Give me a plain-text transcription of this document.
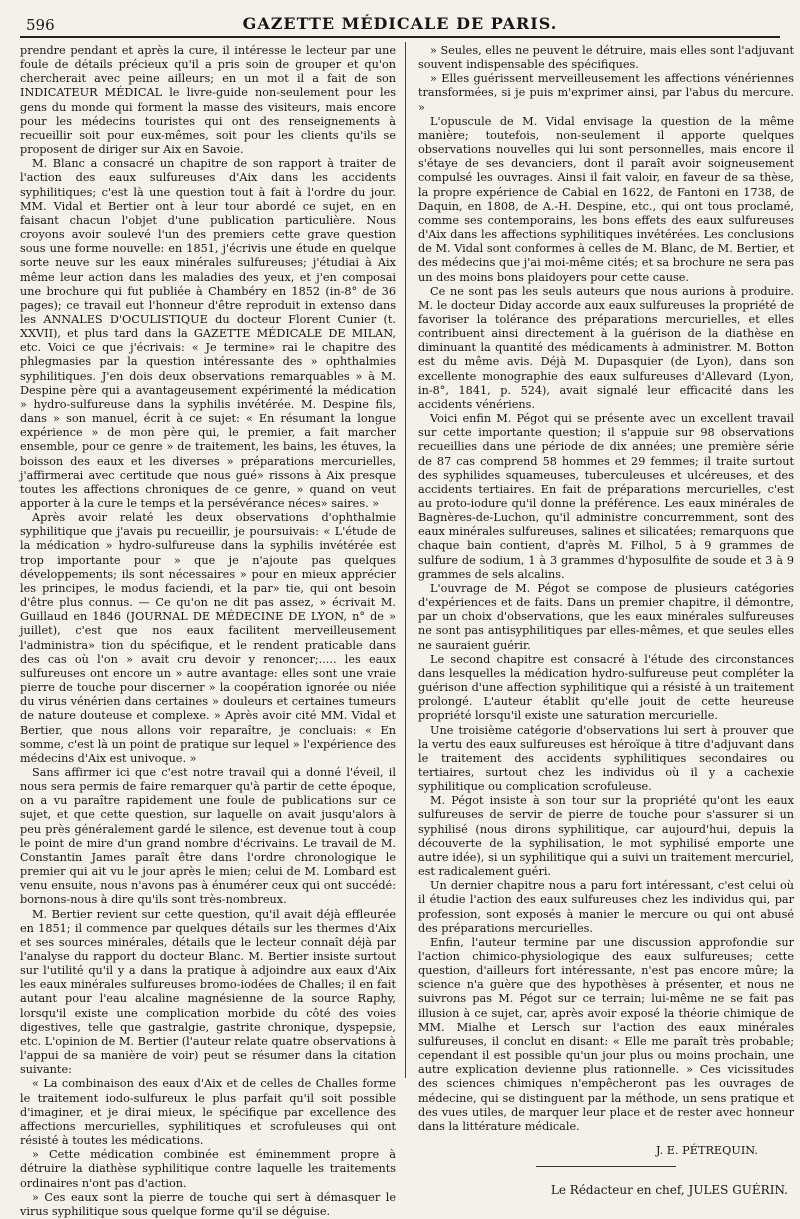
596	GAZETTE MÉDICALE DE PARIS.

prendre pendant et après la cure, il intéresse le lecteur par une foule de détails précieux qu'il a pris soin de grouper et qu'on chercherait avec peine ailleurs; en un mot il a fait de son INDICATEUR MÉDICAL le livre-guide non-seulement pour les gens du monde qui forment la masse des visiteurs, mais encore pour les médecins touristes qui ont des renseignements à recueillir soit pour eux-mêmes, soit pour les clients qu'ils se proposent de diriger sur Aix en Savoie.

M. Blanc a consacré un chapitre de son rapport à traiter de l'action des eaux sulfureuses d'Aix dans les accidents syphilitiques; c'est là une question tout à fait à l'ordre du jour. MM. Vidal et Bertier ont à leur tour abordé ce sujet, en en faisant chacun l'objet d'une publication particulière. Nous croyons avoir soulevé l'un des premiers cette grave question sous une forme nouvelle: en 1851, j'écrivis une étude en quelque sorte neuve sur les eaux minérales sulfureuses; j'étudiai à Aix même leur action dans les maladies des yeux, et j'en composai une brochure qui fut publiée à Chambéry en 1852 (in-8° de 36 pages); ce travail eut l'honneur d'être reproduit in extenso dans les ANNALES D'OCULISTIQUE du docteur Florent Cunier (t. XXVII), et plus tard dans la GAZETTE MÉDICALE DE MILAN, etc. Voici ce que j'écrivais: « Je termine» rai le chapitre des phlegmasies par la question intéressante des » ophthalmies syphilitiques. J'en dois deux observations remarquables » à M. Despine père qui a avantageusement expérimenté la médication » hydro-sulfureuse dans la syphilis invétérée. M. Despine fils, dans » son manuel, écrit à ce sujet: « En résumant la longue expérience » de mon père qui, le premier, a fait marcher ensemble, pour ce genre » de traitement, les bains, les étuves, la boisson des eaux et les diverses » préparations mercurielles, j'affirmerai avec certitude que nous gué» rissons à Aix presque toutes les affections chroniques de ce genre, » quand on veut apporter à la cure le temps et la persévérance néces» saires. »

Après avoir relaté les deux observations d'ophthalmie syphilitique que j'avais pu recueillir, je poursuivais: « L'étude de la médication » hydro-sulfureuse dans la syphilis invétérée est trop importante pour » que je n'ajoute pas quelques développements; ils sont nécessaires » pour en mieux apprécier les principes, le modus faciendi, et la par» tie, qui ont besoin d'être plus connus. — Ce qu'on ne dit pas assez, » écrivait M. Guillaud en 1846 (JOURNAL DE MÉDECINE DE LYON, n° de » juillet), c'est que nos eaux facilitent merveilleusement l'administra» tion du spécifique, et le rendent praticable dans des cas où l'on » avait cru devoir y renoncer;..... les eaux sulfureuses ont encore un » autre avantage: elles sont une vraie pierre de touche pour discerner » la coopération ignorée ou niée du virus vénérien dans certaines » douleurs et certaines tumeurs de nature douteuse et complexe. » Après avoir cité MM. Vidal et Bertier, que nous allons voir reparaître, je concluais: « En somme, c'est là un point de pratique sur lequel » l'expérience des médecins d'Aix est univoque. »

Sans affirmer ici que c'est notre travail qui a donné l'éveil, il nous sera permis de faire remarquer qu'à partir de cette époque, on a vu paraître rapidement une foule de publications sur ce sujet, et que cette question, sur laquelle on avait jusqu'alors à peu près généralement gardé le silence, est devenue tout à coup le point de mire d'un grand nombre d'écrivains. Le travail de M. Constantin James paraît être dans l'ordre chronologique le premier qui ait vu le jour après le mien; celui de M. Lombard est venu ensuite, nous n'avons pas à énumérer ceux qui ont succédé: bornons-nous à dire qu'ils sont très-nombreux.

M. Bertier revient sur cette question, qu'il avait déjà effleurée en 1851; il commence par quelques détails sur les thermes d'Aix et ses sources minérales, détails que le lecteur connaît déjà par l'analyse du rapport du docteur Blanc. M. Bertier insiste surtout sur l'utilité qu'il y a dans la pratique à adjoindre aux eaux d'Aix les eaux minérales sulfureuses bromo-iodées de Challes; il en fait autant pour l'eau alcaline magnésienne de la source Raphy, lorsqu'il existe une complication morbide du côté des voies digestives, telle que gastralgie, gastrite chronique, dyspepsie, etc. L'opinion de M. Bertier (l'auteur relate quatre observations à l'appui de sa manière de voir) peut se résumer dans la citation suivante:

« La combinaison des eaux d'Aix et de celles de Challes forme le traitement iodo-sulfureux le plus parfait qu'il soit possible d'imaginer, et je dirai mieux, le spécifique par excellence des affections mercurielles, syphilitiques et scrofuleuses qui ont résisté à toutes les médications.

» Cette médication combinée est éminemment propre à détruire la diathèse syphilitique contre laquelle les traitements ordinaires n'ont pas d'action.

» Ces eaux sont la pierre de touche qui sert à démasquer le virus syphilitique sous quelque forme qu'il se déguise.

» Seules, elles ne peuvent le détruire, mais elles sont l'adjuvant souvent indispensable des spécifiques.

» Elles guérissent merveilleusement les affections vénériennes transformées, si je puis m'exprimer ainsi, par l'abus du mercure. »

L'opuscule de M. Vidal envisage la question de la même manière; toutefois, non-seulement il apporte quelques observations nouvelles qui lui sont personnelles, mais encore il s'étaye de ses devanciers, dont il paraît avoir soigneusement compulsé les ouvrages. Ainsi il fait valoir, en faveur de sa thèse, la propre expérience de Cabial en 1622, de Fantoni en 1738, de Daquin, en 1808, de A.-H. Despine, etc., qui ont tous proclamé, comme ses contemporains, les bons effets des eaux sulfureuses d'Aix dans les affections syphilitiques invétérées. Les conclusions de M. Vidal sont conformes à celles de M. Blanc, de M. Bertier, et des médecins que j'ai moi-même cités; et sa brochure ne sera pas un des moins bons plaidoyers pour cette cause.

Ce ne sont pas les seuls auteurs que nous aurions à produire. M. le docteur Diday accorde aux eaux sulfureuses la propriété de favoriser la tolérance des préparations mercurielles, et elles contribuent ainsi directement à la guérison de la diathèse en diminuant la quantité des médicaments à administrer. M. Botton est du même avis. Déjà M. Dupasquier (de Lyon), dans son excellente monographie des eaux sulfureuses d'Allevard (Lyon, in-8°, 1841, p. 524), avait signalé leur efficacité dans les accidents vénériens.

Voici enfin M. Pégot qui se présente avec un excellent travail sur cette importante question; il s'appuie sur 98 observations recueillies dans une période de dix années; une première série de 87 cas comprend 58 hommes et 29 femmes; il traite surtout des syphilides squameuses, tuberculeuses et ulcéreuses, et des accidents tertiaires. En fait de préparations mercurielles, c'est au proto-iodure qu'il donne la préférence. Les eaux minérales de Bagnères-de-Luchon, qu'il administre concurremment, sont des eaux minérales sulfureuses, salines et silicatées; remarquons que chaque bain contient, d'après M. Filhol, 5 à 9 grammes de sulfure de sodium, 1 à 3 grammes d'hyposulfite de soude et 3 à 9 grammes de sels alcalins.

L'ouvrage de M. Pégot se compose de plusieurs catégories d'expériences et de faits. Dans un premier chapitre, il démontre, par un choix d'observations, que les eaux minérales sulfureuses ne sont pas antisyphilitiques par elles-mêmes, et que seules elles ne sauraient guérir.

Le second chapitre est consacré à l'étude des circonstances dans lesquelles la médication hydro-sulfureuse peut compléter la guérison d'une affection syphilitique qui a résisté à un traitement prolongé. L'auteur établit qu'elle jouit de cette heureuse propriété lorsqu'il existe une saturation mercurielle.

Une troisième catégorie d'observations lui sert à prouver que la vertu des eaux sulfureuses est héroïque à titre d'adjuvant dans le traitement des accidents syphilitiques secondaires ou tertiaires, surtout chez les individus où il y a cachexie syphilitique ou complication scrofuleuse.

M. Pégot insiste à son tour sur la propriété qu'ont les eaux sulfureuses de servir de pierre de touche pour s'assurer si un syphilisé (nous dirons syphilitique, car aujourd'hui, depuis la découverte de la syphilisation, le mot syphilisé emporte une autre idée), si un syphilitique qui a suivi un traitement mercuriel, est radicalement guéri.

Un dernier chapitre nous a paru fort intéressant, c'est celui où il étudie l'action des eaux sulfureuses chez les individus qui, par profession, sont exposés à manier le mercure ou qui ont abusé des préparations mercurielles.

Enfin, l'auteur termine par une discussion approfondie sur l'action chimico-physiologique des eaux sulfureuses; cette question, d'ailleurs fort intéressante, n'est pas encore mûre; la science n'a guère que des hypothèses à présenter, et nous ne suivrons pas M. Pégot sur ce terrain; lui-même ne se fait pas illusion à ce sujet, car, après avoir exposé la théorie chimique de MM. Mialhe et Lersch sur l'action des eaux minérales sulfureuses, il conclut en disant: « Elle me paraît très probable; cependant il est possible qu'un jour plus ou moins prochain, une autre explication devienne plus rationnelle. » Ces vicissitudes des sciences chimiques n'empêcheront pas les ouvrages de médecine, qui se distinguent par la méthode, un sens pratique et des vues utiles, de marquer leur place et de rester avec honneur dans la littérature médicale.

J. E. PÉTREQUIN.
Le Rédacteur en chef, JULES GUÉRIN.
